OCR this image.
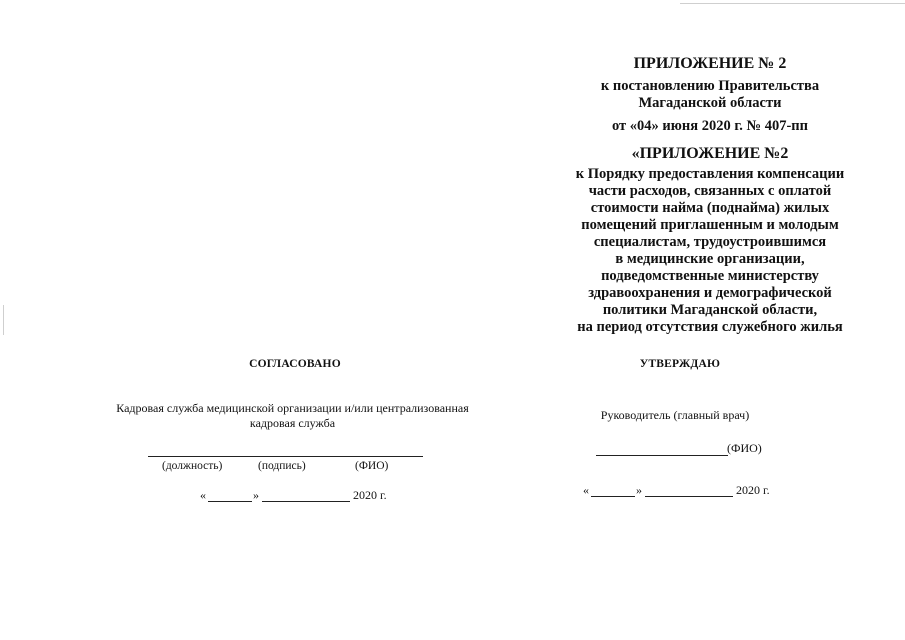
ПРИЛОЖЕНИЕ № 2
к постановлению Правительства
Магаданской области
от «04» июня 2020 г. № 407-пп
«ПРИЛОЖЕНИЕ №2
к Порядку предоставления компенсации
части расходов, связанных с оплатой
стоимости найма (поднайма) жилых
помещений приглашенным и молодым
специалистам, трудоустроившимся
в медицинские организации,
подведомственные министерству
здравоохранения и демографической
политики Магаданской области,
на период отсутствия служебного жилья
СОГЛАСОВАНО
Кадровая служба медицинской организации и/или централизованная
кадровая служба
(должность)	(подпись)	(ФИО)
«	»	2020 г.
УТВЕРЖДАЮ
Руководитель (главный врач)
(ФИО)
«	»	2020 г.
